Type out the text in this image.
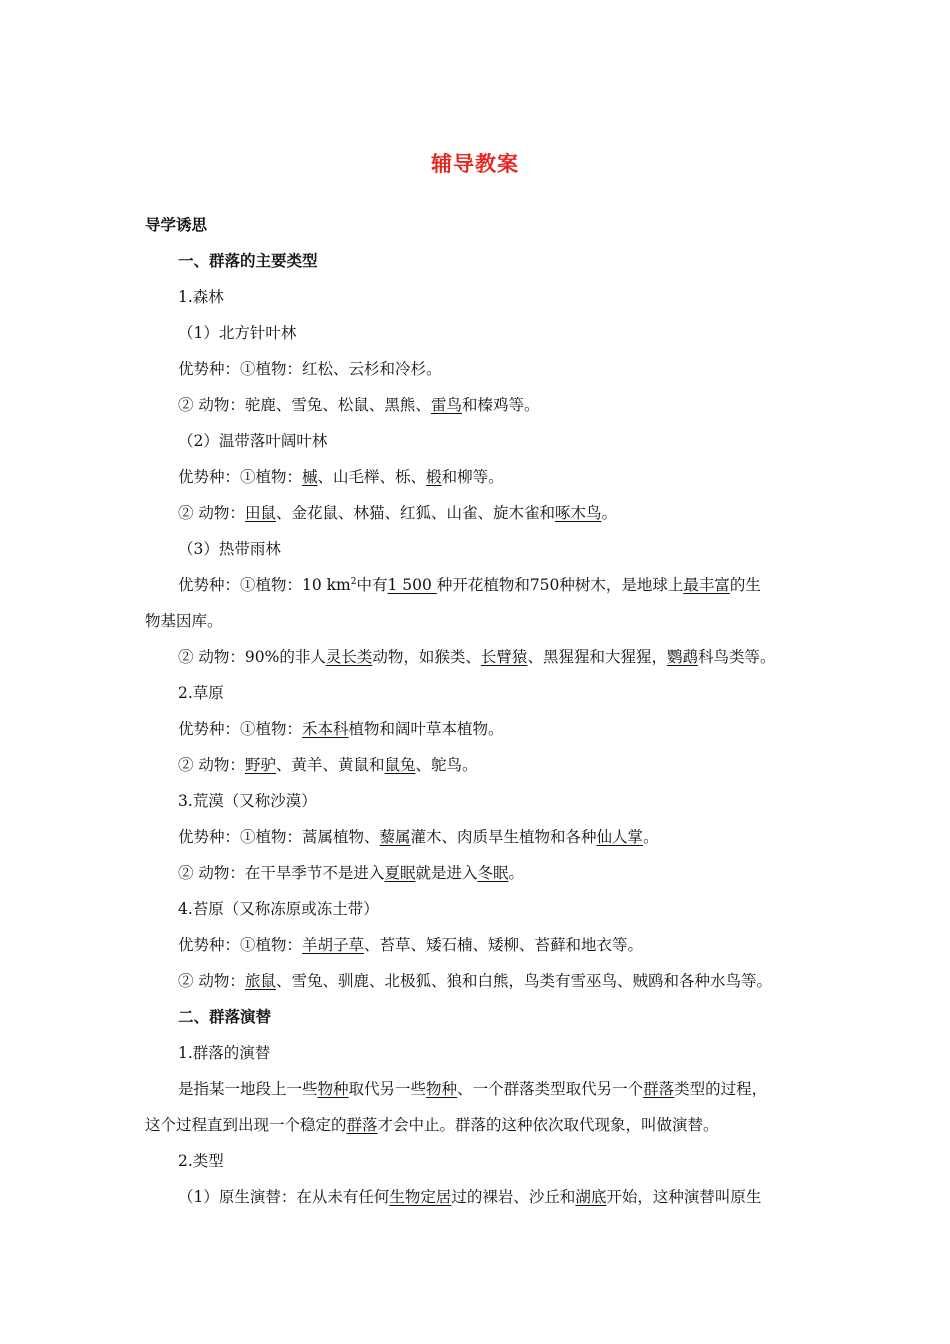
辅导教案
导学诱思
一、群落的主要类型
1.森林
（1）北方针叶林
优势种：①植物：红松、云杉和冷杉。
② 动物：驼鹿、雪兔、松鼠、黑熊、雷鸟和榛鸡等。
（2）温带落叶阔叶林
优势种：①植物：槭、山毛榉、栎、椴和柳等。
② 动物：田鼠、金花鼠、林猫、红狐、山雀、旋木雀和啄木鸟。
（3）热带雨林
优势种：①植物：10 $km^2$中有1 500 种开花植物和750种树木，是地球上最丰富的生
物基因库。
② 动物：90%的非人灵长类动物，如猴类、长臂猿、黑猩猩和大猩猩，鹦鹉科鸟类等。
2.草原
优势种：①植物：禾本科植物和阔叶草本植物。
② 动物：野驴、黄羊、黄鼠和鼠兔、鸵鸟。
3.荒漠（又称沙漠）
优势种：①植物：蒿属植物、藜属灌木、肉质旱生植物和各种仙人掌。
② 动物：在干旱季节不是进入夏眠就是进入冬眠。
4.苔原（又称冻原或冻土带）
优势种：①植物：羊胡子草、苔草、矮石楠、矮柳、苔藓和地衣等。
② 动物：旅鼠、雪兔、驯鹿、北极狐、狼和白熊，鸟类有雪巫鸟、贼鸥和各种水鸟等。
二、群落演替
1.群落的演替
是指某一地段上一些物种取代另一些物种、一个群落类型取代另一个群落类型的过程，
这个过程直到出现一个稳定的群落才会中止。群落的这种依次取代现象，叫做演替。
2.类型
（1）原生演替：在从未有任何生物定居过的裸岩、沙丘和湖底开始，这种演替叫原生
